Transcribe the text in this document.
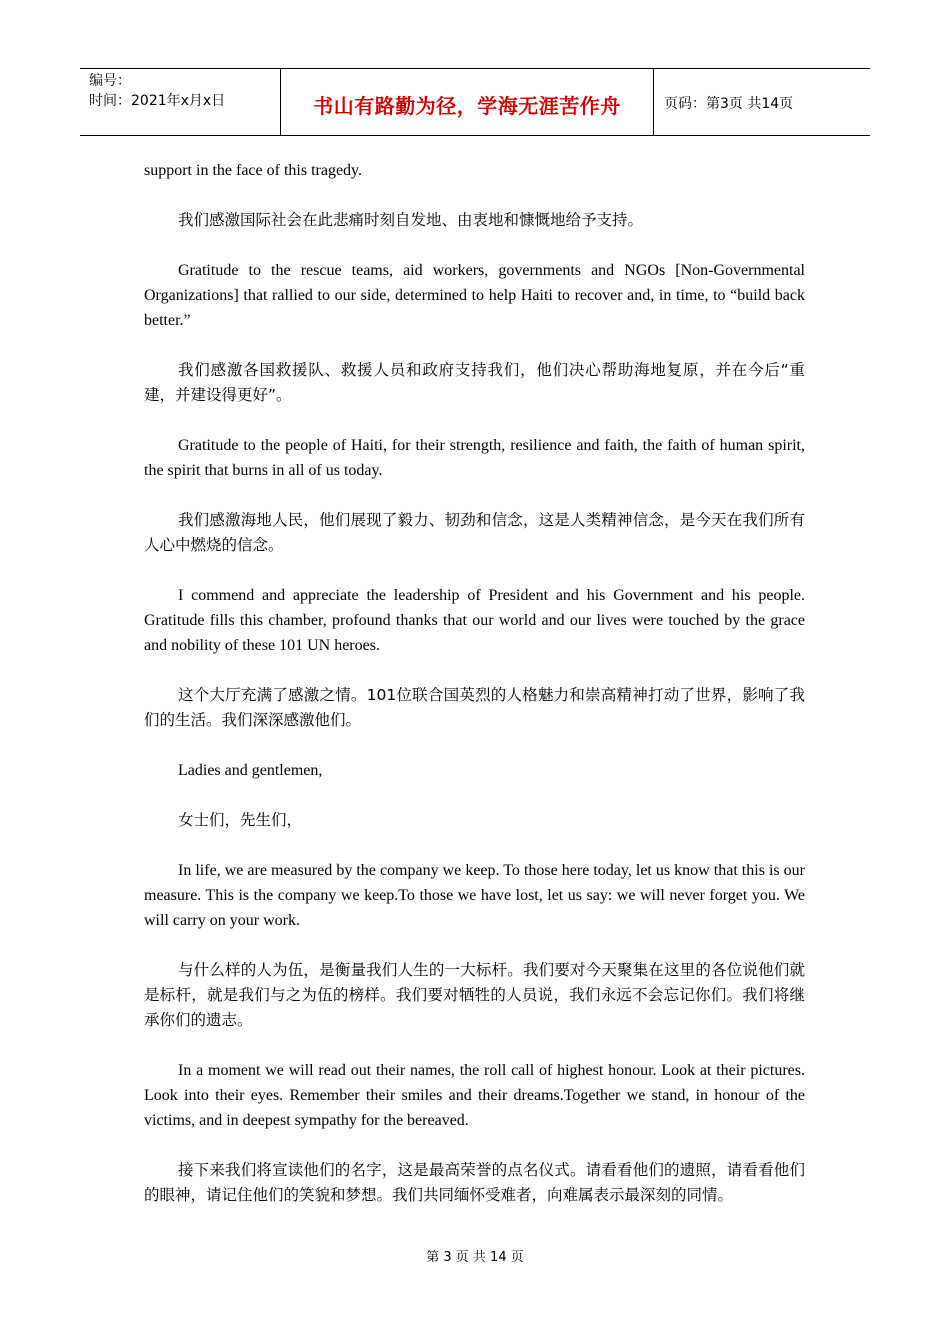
编号：
时间：2021年x月x日	书山有路勤为径，学海无涯苦作舟	页码：第3页 共14页

support in the face of this tragedy.

我们感激国际社会在此悲痛时刻自发地、由衷地和慷慨地给予支持。

Gratitude to the rescue teams, aid workers, governments and NGOs [Non-Governmental Organizations] that rallied to our side, determined to help Haiti to recover and, in time, to “build back better.”

我们感激各国救援队、救援人员和政府支持我们，他们决心帮助海地复原，并在今后“重建，并建设得更好”。

Gratitude to the people of Haiti, for their strength, resilience and faith, the faith of human spirit, the spirit that burns in all of us today.

我们感激海地人民，他们展现了毅力、韧劲和信念，这是人类精神信念，是今天在我们所有人心中燃烧的信念。

I commend and appreciate the leadership of President and his Government and his people. Gratitude fills this chamber, profound thanks that our world and our lives were touched by the grace and nobility of these 101 UN heroes.

这个大厅充满了感激之情。101位联合国英烈的人格魅力和崇高精神打动了世界，影响了我们的生活。我们深深感激他们。

Ladies and gentlemen,

女士们，先生们，

In life, we are measured by the company we keep. To those here today, let us know that this is our measure. This is the company we keep.To those we have lost, let us say: we will never forget you. We will carry on your work.

与什么样的人为伍，是衡量我们人生的一大标杆。我们要对今天聚集在这里的各位说他们就是标杆，就是我们与之为伍的榜样。我们要对牺牲的人员说，我们永远不会忘记你们。我们将继承你们的遗志。

In a moment we will read out their names, the roll call of highest honour. Look at their pictures. Look into their eyes. Remember their smiles and their dreams.Together we stand, in honour of the victims, and in deepest sympathy for the bereaved.

接下来我们将宣读他们的名字，这是最高荣誉的点名仪式。请看看他们的遗照，请看看他们的眼神，请记住他们的笑貌和梦想。我们共同缅怀受难者，向难属表示最深刻的同情。

第 3 页 共 14 页
